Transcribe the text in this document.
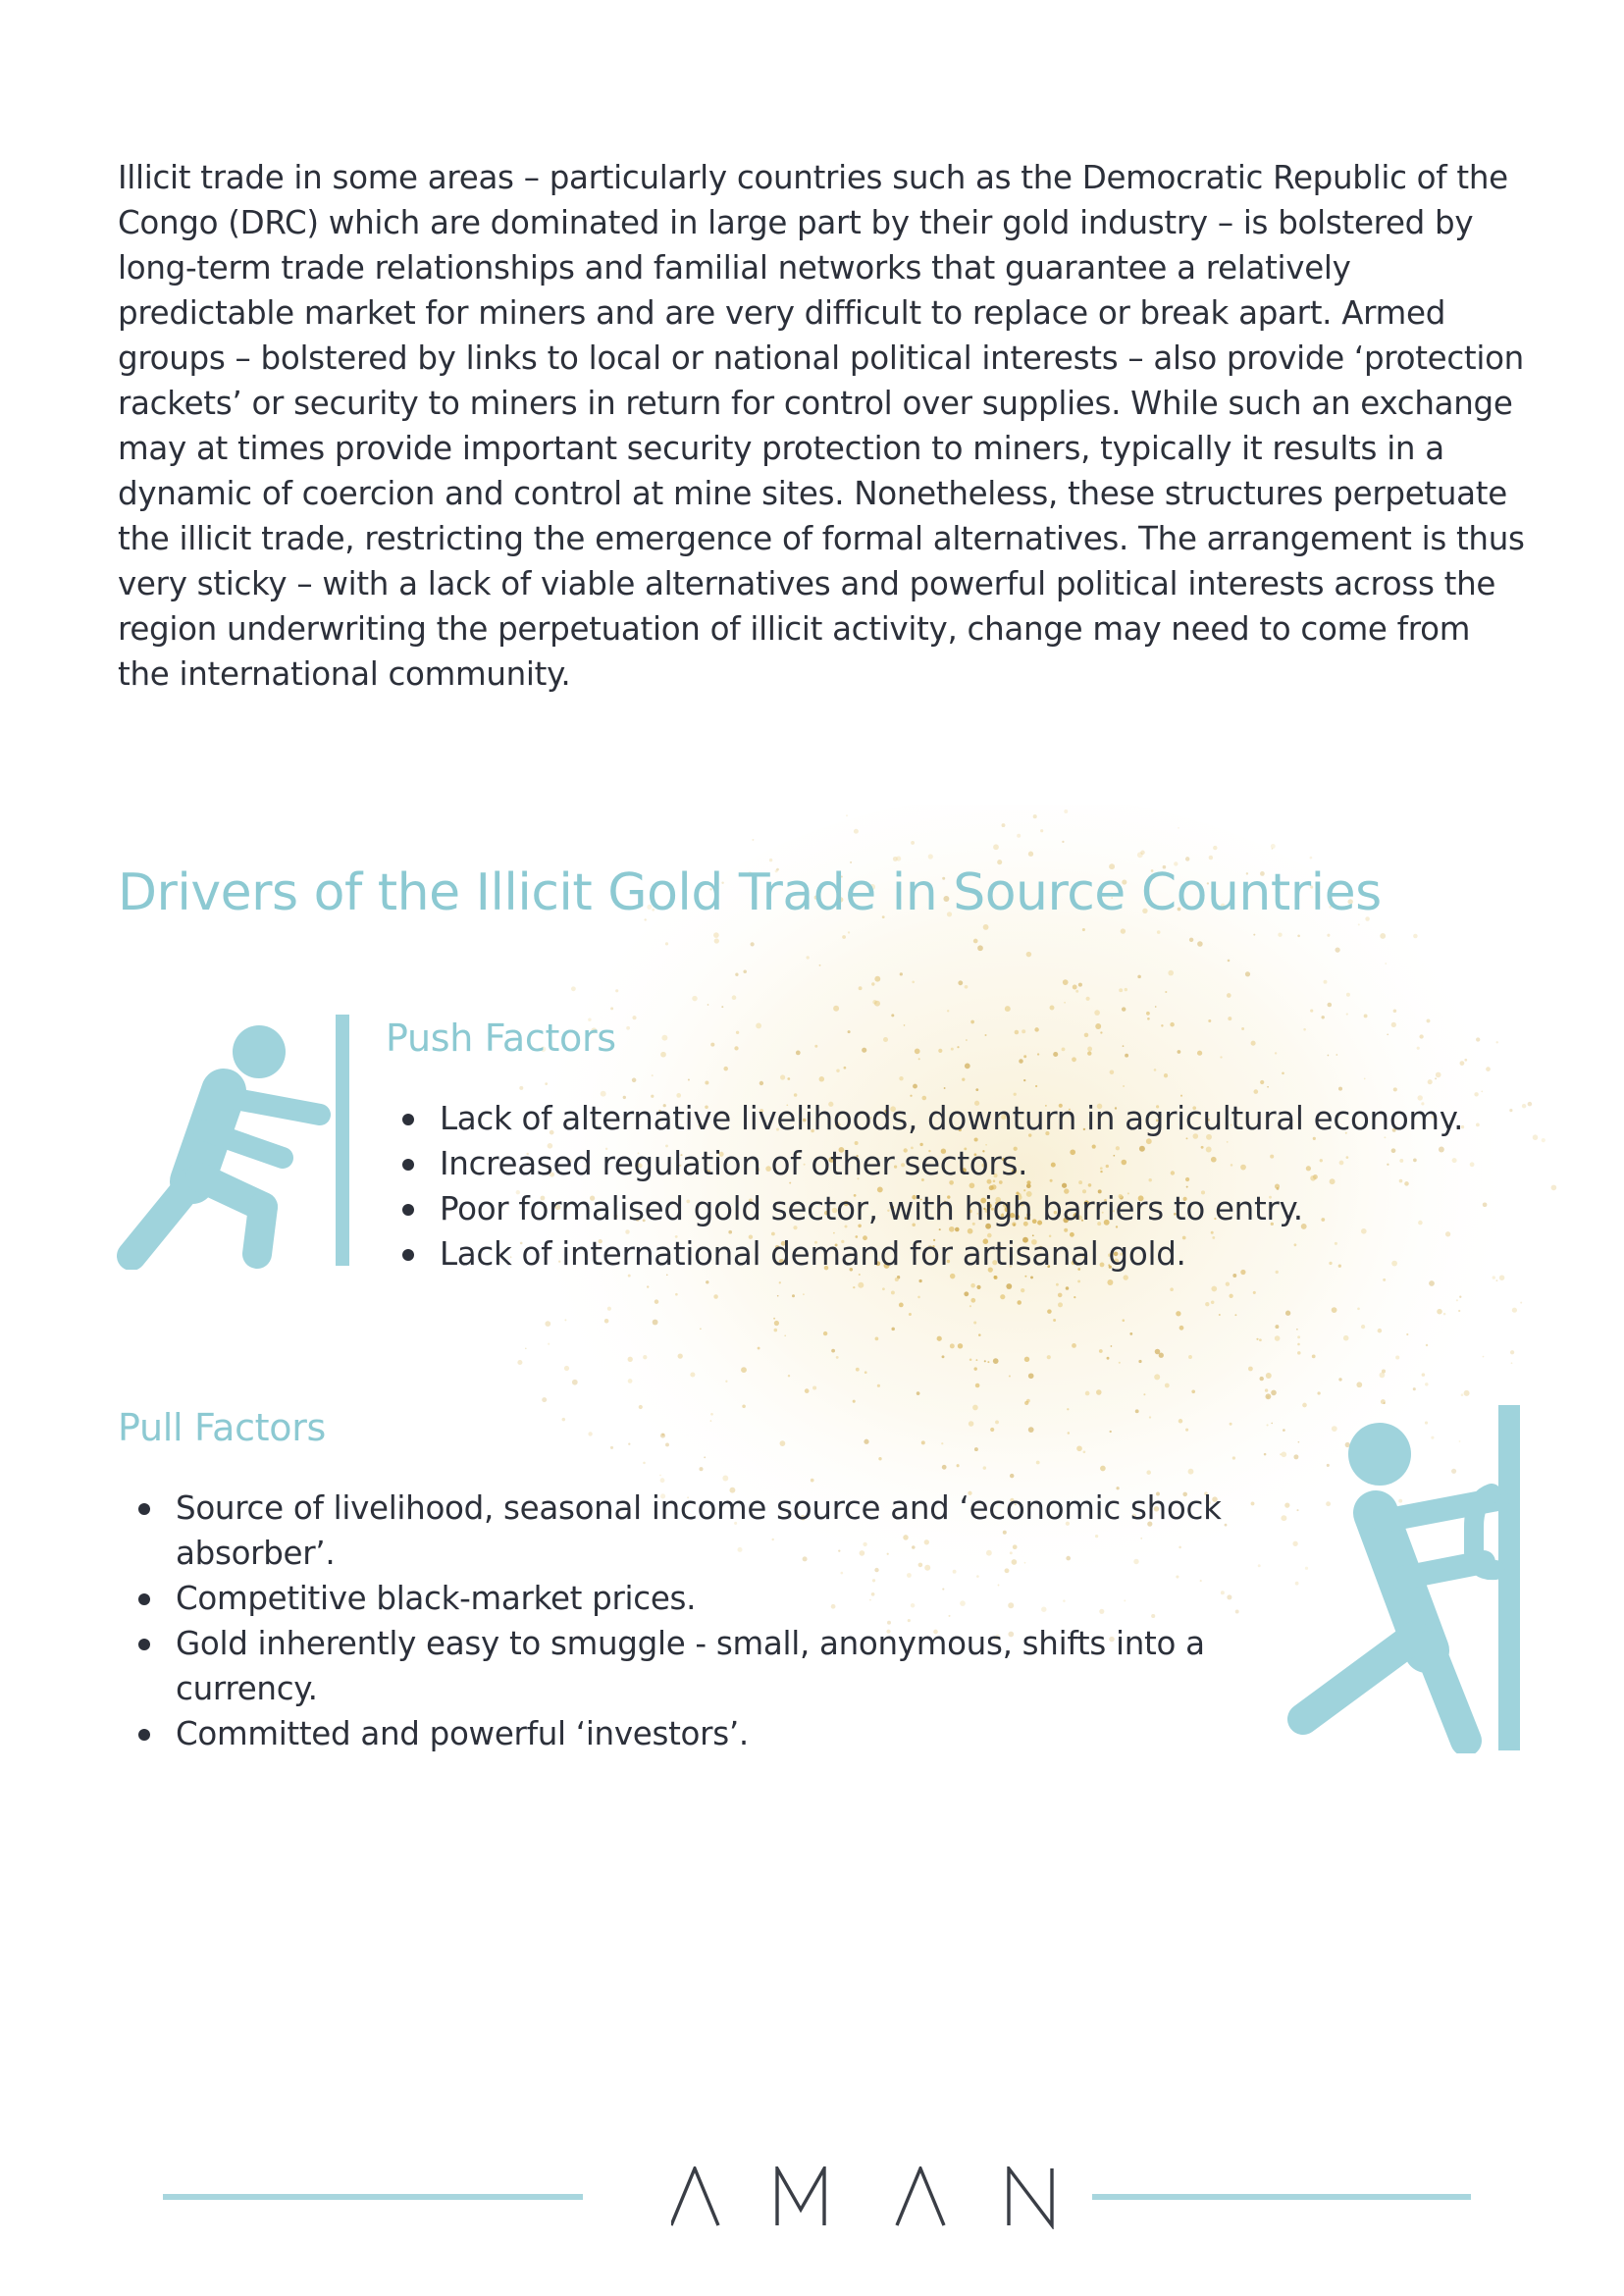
Illicit trade in some areas – particularly countries such as the Democratic Republic of the Congo (DRC) which are dominated in large part by their gold industry – is bolstered by long-term trade relationships and familial networks that guarantee a relatively predictable market for miners and are very difficult to replace or break apart. Armed groups – bolstered by links to local or national political interests – also provide ‘protection rackets’ or security to miners in return for control over supplies. While such an exchange may at times provide important security protection to miners, typically it results in a dynamic of coercion and control at mine sites. Nonetheless, these structures perpetuate the illicit trade, restricting the emergence of formal alternatives. The arrangement is thus very sticky – with a lack of viable alternatives and powerful political interests across the region underwriting the perpetuation of illicit activity, change may need to come from the international community.

Drivers of the Illicit Gold Trade in Source Countries
Push Factors
Lack of alternative livelihoods, downturn in agricultural economy.
Increased regulation of other sectors.
Poor formalised gold sector, with high barriers to entry.
Lack of international demand for artisanal gold.
Pull Factors
Source of livelihood, seasonal income source and ‘economic shock absorber’.
Competitive black-market prices.
Gold inherently easy to smuggle - small, anonymous, shifts into a currency.
Committed and powerful ‘investors’.
